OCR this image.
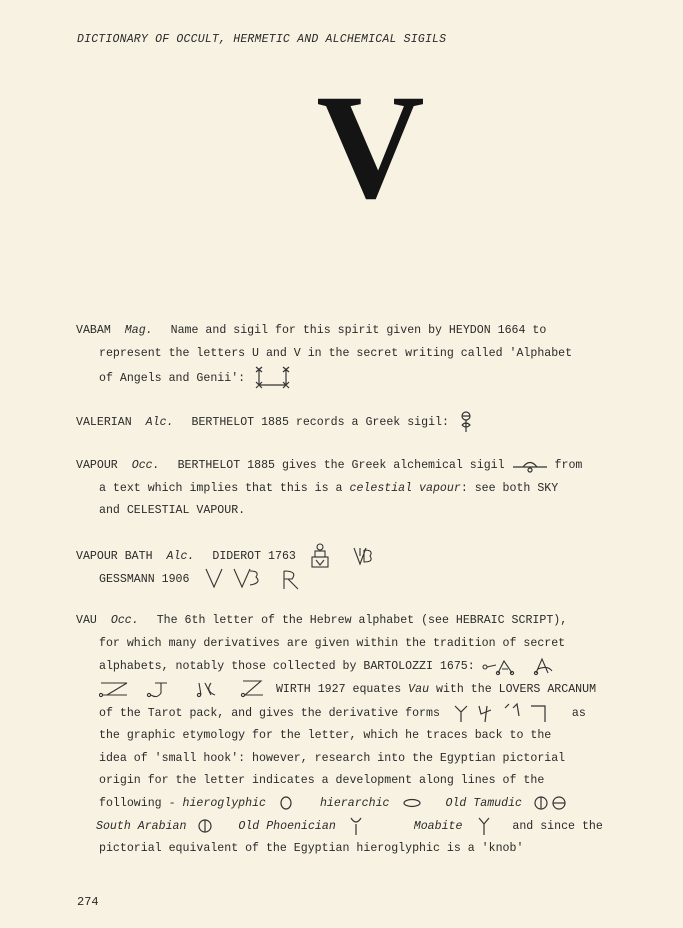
DICTIONARY OF OCCULT, HERMETIC AND ALCHEMICAL SIGILS
V
VABAM Mag. Name and sigil for this spirit given by HEYDON 1664 to
represent the letters U and V in the secret writing called 'Alphabet
of Angels and Genii':
VALERIAN Alc. BERTHELOT 1885 records a Greek sigil:
VAPOUR Occ. BERTHELOT 1885 gives the Greek alchemical sigil	from
a text which implies that this is a celestial vapour: see both SKY
and CELESTIAL VAPOUR.
VAPOUR BATH Alc. DIDEROT 1763

GESSMANN 1906
VAU Occ. The 6th letter of the Hebrew alphabet (see HEBRAIC SCRIPT),
for which many derivatives are given within the tradition of secret
alphabets, notably those collected by BARTOLOZZI 1675:
WIRTH 1927 equates Vau with the LOVERS ARCANUM
of the Tarot pack, and gives the derivative forms	as
the graphic etymology for the letter, which he traces back to the
idea of 'small hook': however, research into the Egyptian pictorial
origin for the letter indicates a development along lines of the
following - hieroglyphic	hierarchic	Old Tamudic
South Arabian	Old Phoenician	Moabite	and since the
pictorial equivalent of the Egyptian hieroglyphic is a 'knob'
274
